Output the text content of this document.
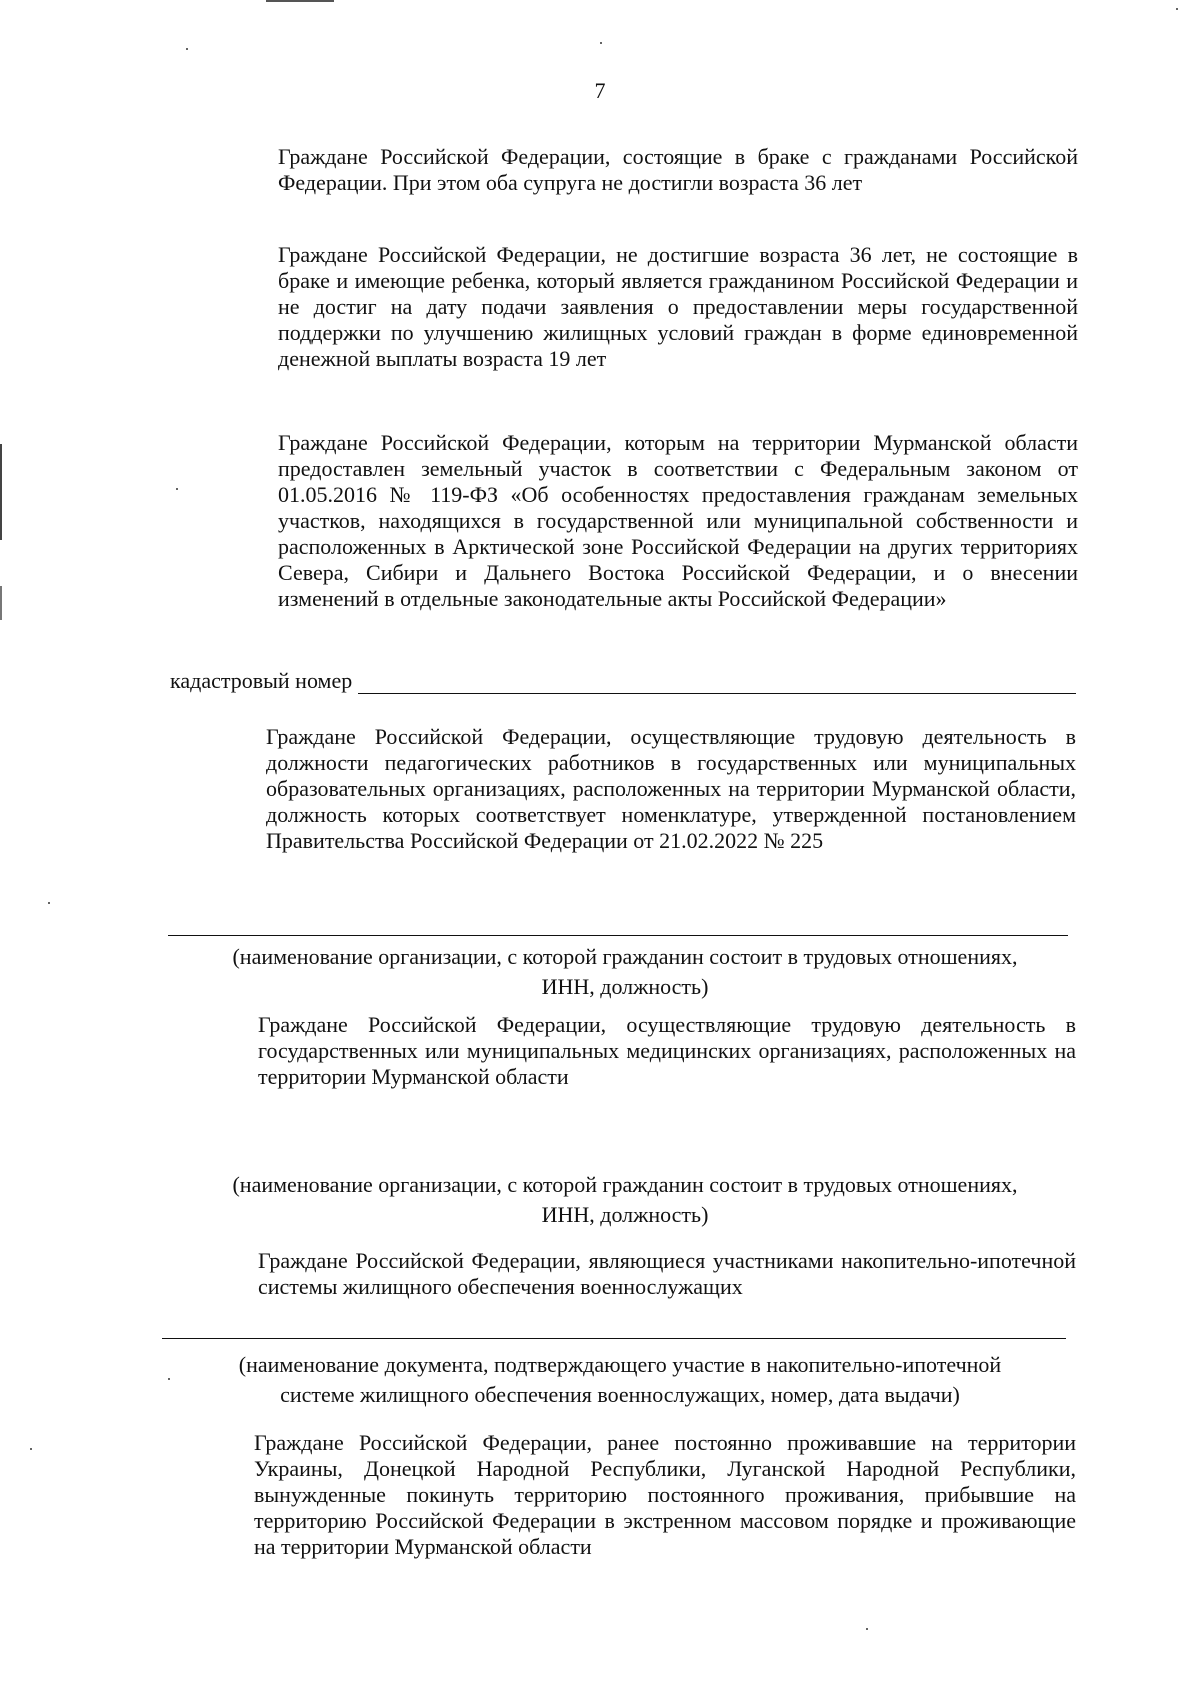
7

Граждане Российской Федерации, состоящие в браке с гражданами Российской Федерации. При этом оба супруга не достигли возраста 36 лет

Граждане Российской Федерации, не достигшие возраста 36 лет, не состоящие в браке и имеющие ребенка, который является гражданином Российской Федерации и не достиг на дату подачи заявления о предоставлении меры государственной поддержки по улучшению жилищных условий граждан в форме единовременной денежной выплаты возраста 19 лет

Граждане Российской Федерации, которым на территории Мурманской области предоставлен земельный участок в соответствии с Федеральным законом от 01.05.2016 № 119-ФЗ «Об особенностях предоставления гражданам земельных участков, находящихся в государственной или муниципальной собственности и расположенных в Арктической зоне Российской Федерации на других территориях Севера, Сибири и Дальнего Востока Российской Федерации, и о внесении изменений в отдельные законодательные акты Российской Федерации»

кадастровый номер

Граждане Российской Федерации, осуществляющие трудовую деятельность в должности педагогических работников в государственных или муниципальных образовательных организациях, расположенных на территории Мурманской области, должность которых соответствует номенклатуре, утвержденной постановлением Правительства Российской Федерации от 21.02.2022 № 225

(наименование организации, с которой гражданин состоит в трудовых отношениях,
ИНН, должность)

Граждане Российской Федерации, осуществляющие трудовую деятельность в государственных или муниципальных медицинских организациях, расположенных на территории Мурманской области

(наименование организации, с которой гражданин состоит в трудовых отношениях,
ИНН, должность)

Граждане Российской Федерации, являющиеся участниками накопительно-ипотечной системы жилищного обеспечения военнослужащих

(наименование документа, подтверждающего участие в накопительно-ипотечной
системе жилищного обеспечения военнослужащих, номер, дата выдачи)

Граждане Российской Федерации, ранее постоянно проживавшие на территории Украины, Донецкой Народной Республики, Луганской Народной Республики, вынужденные покинуть территорию постоянного проживания, прибывшие на территорию Российской Федерации в экстренном массовом порядке и проживающие на территории Мурманской области
